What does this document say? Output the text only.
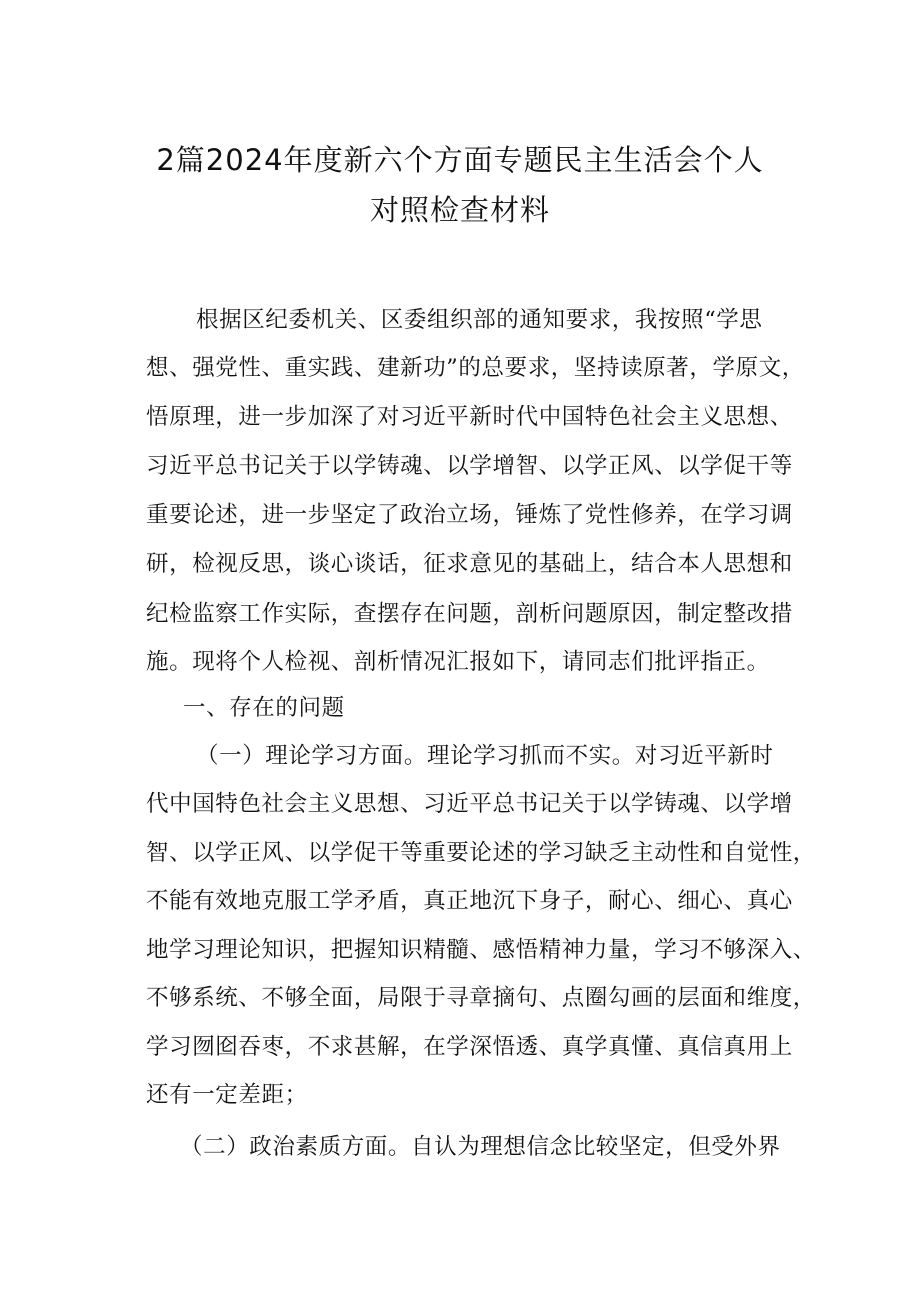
2篇2024年度新六个方面专题民主生活会个人
对照检查材料
根据区纪委机关、区委组织部的通知要求，我按照“学思
想、强党性、重实践、建新功”的总要求，坚持读原著，学原文，
悟原理，进一步加深了对习近平新时代中国特色社会主义思想、
习近平总书记关于以学铸魂、以学增智、以学正风、以学促干等
重要论述，进一步坚定了政治立场，锤炼了党性修养，在学习调
研，检视反思，谈心谈话，征求意见的基础上，结合本人思想和
纪检监察工作实际，查摆存在问题，剖析问题原因，制定整改措
施。现将个人检视、剖析情况汇报如下，请同志们批评指正。
一、存在的问题
（一）理论学习方面。理论学习抓而不实。对习近平新时
代中国特色社会主义思想、习近平总书记关于以学铸魂、以学增
智、以学正风、以学促干等重要论述的学习缺乏主动性和自觉性，
不能有效地克服工学矛盾，真正地沉下身子，耐心、细心、真心
地学习理论知识，把握知识精髓、感悟精神力量，学习不够深入、
不够系统、不够全面，局限于寻章摘句、点圈勾画的层面和维度，
学习囫囵吞枣，不求甚解，在学深悟透、真学真懂、真信真用上
还有一定差距；
（二）政治素质方面。自认为理想信念比较坚定，但受外界
